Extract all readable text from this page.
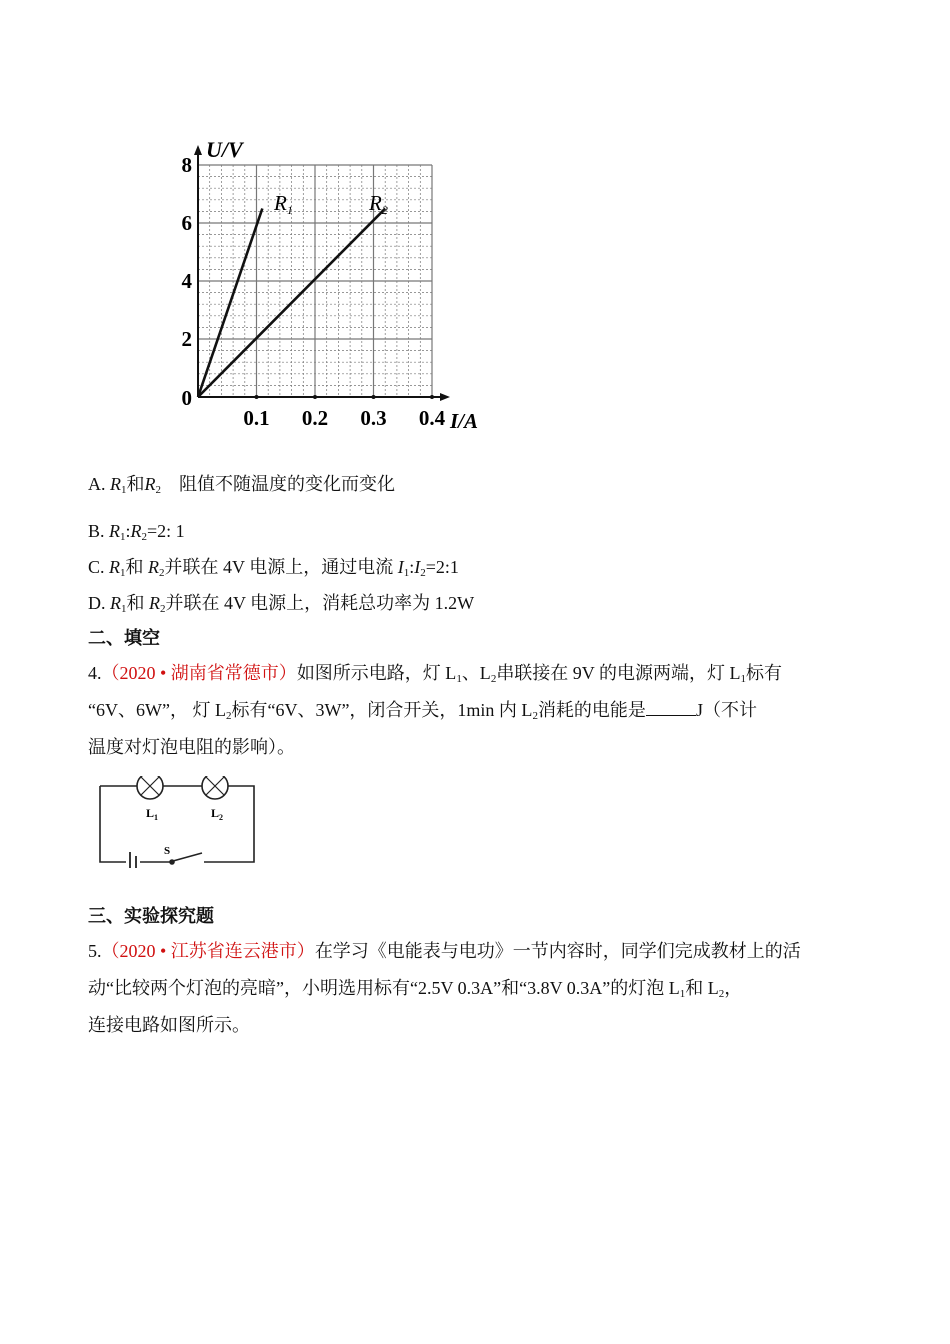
0.1 0.2 0.3 0.4
0
2
4
6
8
U/V
I/A
R1	R2
A. $R_1$和$R_2$　阻值不随温度的变化而变化
B. $R_1:R_2=2$: 1
C. $R_1$和 $R_2$并联在 4V 电源上，通过电流 $I_1:I_2=2:1$
D. $R_1$和 $R_2$并联在 4V 电源上，消耗总功率为 1.2W
二、填空
4.（2020 • 湖南省常德市）如图所示电路，灯 $L_1$、$L_2$串联接在 9V 的电源两端，灯 $L_1$标有
“6V、6W”， 灯 $L_2$标有“6V、3W”，闭合开关，1min 内 $L_2$消耗的电能是	J（不计
温度对灯泡电阻的影响）。
$L_1$	$L_2$
S
三、实验探究题
5.（2020 • 江苏省连云港市）在学习《电能表与电功》一节内容时，同学们完成教材上的活
动“比较两个灯泡的亮暗”，小明选用标有“2.5V 0.3A”和“3.8V 0.3A”的灯泡 $L_1$和 $L_2$，
连接电路如图所示。
